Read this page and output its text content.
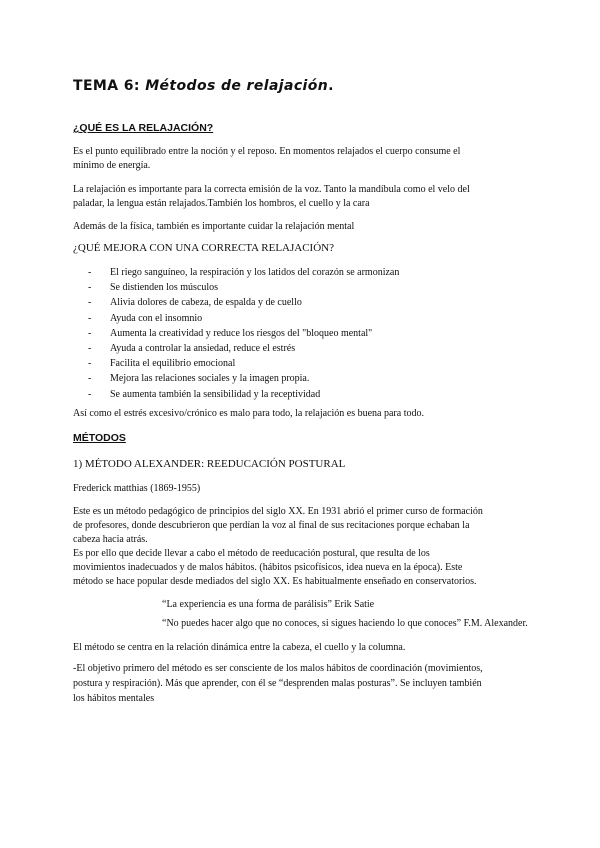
TEMA 6: Métodos de relajación.
¿QUÉ ES LA RELAJACIÓN?
Es el punto equilibrado entre la noción y el reposo. En momentos relajados el cuerpo consume el
mínimo de energía.
La relajación es importante para la correcta emisión de la voz. Tanto la mandíbula como el velo del
paladar, la lengua están relajados.También los hombros, el cuello y la cara
Además de la física, también es importante cuidar la relajación mental
¿QUÉ MEJORA CON UNA CORRECTA RELAJACIÓN?
- El riego sanguíneo, la respiración y los latidos del corazón se armonizan
- Se distienden los músculos
- Alivia dolores de cabeza, de espalda y de cuello
- Ayuda con el insomnio
- Aumenta la creatividad y reduce los riesgos del "bloqueo mental"
- Ayuda a controlar la ansiedad, reduce el estrés
- Facilita el equilibrio emocional
- Mejora las relaciones sociales y la imagen propia.
- Se aumenta también la sensibilidad y la receptividad
Así como el estrés excesivo/crónico es malo para todo, la relajación es buena para todo.
MÉTODOS
1) MÉTODO ALEXANDER: REEDUCACIÓN POSTURAL
Frederick matthias (1869-1955)
Este es un método pedagógico de principios del siglo XX. En 1931 abrió el primer curso de formación
de profesores, donde descubrieron que perdían la voz al final de sus recitaciones porque echaban la
cabeza hacia atrás.
Es por ello que decide llevar a cabo el método de reeducación postural, que resulta de los
movimientos inadecuados y de malos hábitos. (hábitos psicofísicos, idea nueva en la época). Este
método se hace popular desde mediados del siglo XX. Es habitualmente enseñado en conservatorios.
“La experiencia es una forma de parálisis” Erik Satie
“No puedes hacer algo que no conoces, si sigues haciendo lo que conoces” F.M. Alexander.
El método se centra en la relación dinámica entre la cabeza, el cuello y la columna.
-El objetivo primero del método es ser consciente de los malos hábitos de coordinación (movimientos,
postura y respiración). Más que aprender, con él se “desprenden malas posturas”. Se incluyen también
los hábitos mentales
